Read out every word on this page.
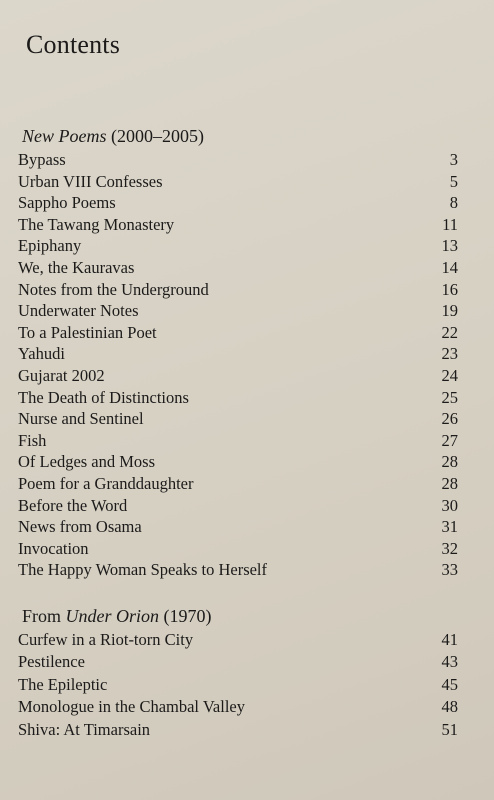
Contents
New Poems (2000–2005)
Bypass	3
Urban VIII Confesses	5
Sappho Poems	8
The Tawang Monastery	11
Epiphany	13
We, the Kauravas	14
Notes from the Underground	16
Underwater Notes	19
To a Palestinian Poet	22
Yahudi	23
Gujarat 2002	24
The Death of Distinctions	25
Nurse and Sentinel	26
Fish	27
Of Ledges and Moss	28
Poem for a Granddaughter	28
Before the Word	30
News from Osama	31
Invocation	32
The Happy Woman Speaks to Herself	33
From Under Orion (1970)
Curfew in a Riot-torn City	41
Pestilence	43
The Epileptic	45
Monologue in the Chambal Valley	48
Shiva: At Timarsain	51
